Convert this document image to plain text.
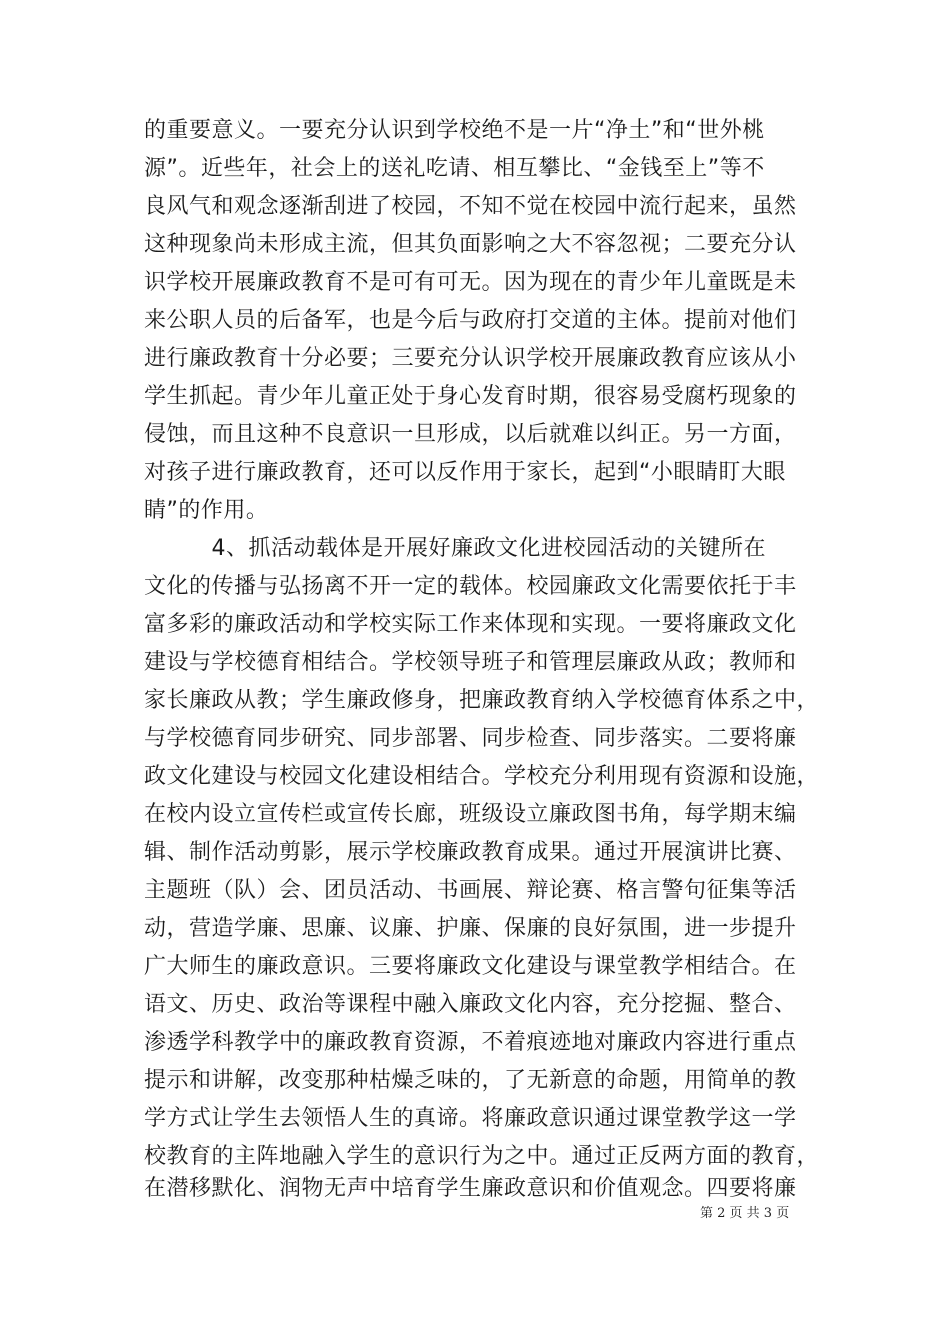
的重要意义。一要充分认识到学校绝不是一片“净土”和“世外桃
源”。近些年，社会上的送礼吃请、相互攀比、“金钱至上”等不
良风气和观念逐渐刮进了校园，不知不觉在校园中流行起来，虽然
这种现象尚未形成主流，但其负面影响之大不容忽视；二要充分认
识学校开展廉政教育不是可有可无。因为现在的青少年儿童既是未
来公职人员的后备军，也是今后与政府打交道的主体。提前对他们
进行廉政教育十分必要；三要充分认识学校开展廉政教育应该从小
学生抓起。青少年儿童正处于身心发育时期，很容易受腐朽现象的
侵蚀，而且这种不良意识一旦形成，以后就难以纠正。另一方面，
对孩子进行廉政教育，还可以反作用于家长，起到“小眼睛盯大眼
睛”的作用。
　　　4、抓活动载体是开展好廉政文化进校园活动的关键所在
文化的传播与弘扬离不开一定的载体。校园廉政文化需要依托于丰
富多彩的廉政活动和学校实际工作来体现和实现。一要将廉政文化
建设与学校德育相结合。学校领导班子和管理层廉政从政；教师和
家长廉政从教；学生廉政修身，把廉政教育纳入学校德育体系之中，
与学校德育同步研究、同步部署、同步检查、同步落实。二要将廉
政文化建设与校园文化建设相结合。学校充分利用现有资源和设施，
在校内设立宣传栏或宣传长廊，班级设立廉政图书角，每学期末编
辑、制作活动剪影，展示学校廉政教育成果。通过开展演讲比赛、
主题班（队）会、团员活动、书画展、辩论赛、格言警句征集等活
动，营造学廉、思廉、议廉、护廉、保廉的良好氛围，进一步提升
广大师生的廉政意识。三要将廉政文化建设与课堂教学相结合。在
语文、历史、政治等课程中融入廉政文化内容，充分挖掘、整合、
渗透学科教学中的廉政教育资源，不着痕迹地对廉政内容进行重点
提示和讲解，改变那种枯燥乏味的，了无新意的命题，用简单的教
学方式让学生去领悟人生的真谛。将廉政意识通过课堂教学这一学
校教育的主阵地融入学生的意识行为之中。通过正反两方面的教育，
在潜移默化、润物无声中培育学生廉政意识和价值观念。四要将廉
第 2 页 共 3 页
